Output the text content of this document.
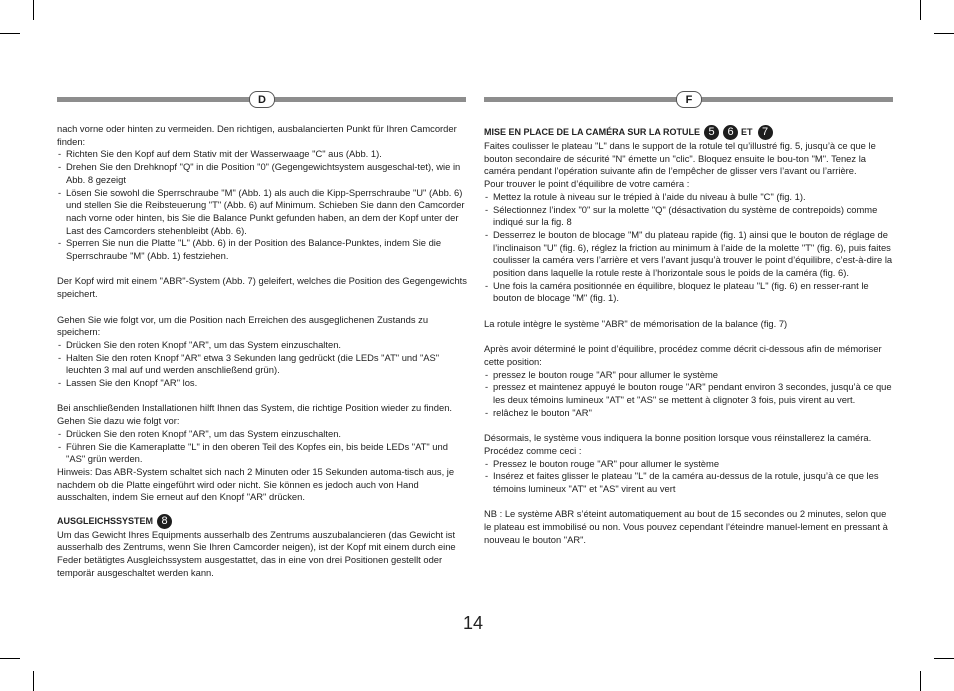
D	F

nach vorne oder hinten zu vermeiden. Den richtigen, ausbalancierten Punkt für Ihren Camcorder finden:

- Richten Sie den Kopf auf dem Stativ mit der Wasserwaage "C" aus (Abb. 1).
- Drehen Sie den Drehknopf "Q" in die Position "0" (Gegengewichtsystem ausgeschal-tet), wie in Abb. 8 gezeigt
- Lösen Sie sowohl die Sperrschraube "M" (Abb. 1) als auch die Kipp-Sperrschraube "U" (Abb. 6) und stellen Sie die Reibsteuerung "T" (Abb. 6) auf Minimum. Schieben Sie dann den Camcorder nach vorne oder hinten, bis Sie die Balance Punkt gefunden haben, an dem der Kopf unter der Last des Camcorders stehenbleibt (Abb. 6).
- Sperren Sie nun die Platte "L" (Abb. 6) in der Position des Balance-Punktes, indem Sie die Sperrschraube "M" (Abb. 1) festziehen.

Der Kopf wird mit einem "ABR"-System (Abb. 7) geleifert, welches die Position des Gegengewichts speichert.

Gehen Sie wie folgt vor, um die Position nach Erreichen des ausgeglichenen Zustands zu speichern:

- Drücken Sie den roten Knopf "AR", um das System einzuschalten.
- Halten Sie den roten Knopf "AR" etwa 3 Sekunden lang gedrückt (die LEDs "AT" und "AS" leuchten 3 mal auf und werden anschließend grün).
- Lassen Sie den Knopf "AR" los.

Bei anschließenden Installationen hilft Ihnen das System, die richtige Position wieder zu finden.

Gehen Sie dazu wie folgt vor:

- Drücken Sie den roten Knopf "AR", um das System einzuschalten.
- Führen Sie die Kameraplatte "L" in den oberen Teil des Kopfes ein, bis beide LEDs "AT" und "AS" grün werden.

Hinweis: Das ABR-System schaltet sich nach 2 Minuten oder 15 Sekunden automa-tisch aus, je nachdem ob die Platte eingeführt wird oder nicht. Sie können es jedoch auch von Hand ausschalten, indem Sie erneut auf den Knopf "AR" drücken.

AUSGLEICHSSYSTEM 8

Um das Gewicht Ihres Equipments ausserhalb des Zentrums auszubalancieren (das Gewicht ist ausserhalb des Zentrums, wenn Sie Ihren Camcorder neigen), ist der Kopf mit einem durch eine Feder betätigtes Ausgleichssystem ausgestattet, das in eine von drei Positionen gestellt oder temporär ausgeschaltet werden kann.

MISE EN PLACE DE LA CAMÉRA SUR LA ROTULE 5	6 ET 7

Faites coulisser le plateau "L" dans le support de la rotule tel qu’illustré fig. 5, jusqu’à ce que le bouton secondaire de sécurité "N" émette un "clic". Bloquez ensuite le bou-ton "M". Tenez la caméra pendant l’opération suivante afin de l’empêcher de glisser vers l’avant ou l’arrière.

Pour trouver le point d’équilibre de votre caméra :

- Mettez la rotule à niveau sur le trépied à l’aide du niveau à bulle "C" (fig. 1).
- Sélectionnez l’index "0" sur la molette "Q" (désactivation du système de contrepoids) comme indiqué sur la fig. 8
- Desserrez le bouton de blocage "M" du plateau rapide (fig. 1) ainsi que le bouton de réglage de l’inclinaison "U" (fig. 6), réglez la friction au minimum à l’aide de la molette "T" (fig. 6), puis faites coulisser la caméra vers l’arrière et vers l’avant jusqu’à trouver le point d’équilibre, c’est-à-dire la position dans laquelle la rotule reste à l’horizontale sous le poids de la caméra (fig. 6).
- Une fois la caméra positionnée en équilibre, bloquez le plateau "L" (fig. 6) en resser-rant le bouton de blocage "M" (fig. 1).

La rotule intègre le système "ABR" de mémorisation de la balance (fig. 7)

Après avoir déterminé le point d’équilibre, procédez comme décrit ci-dessous afin de mémoriser cette position:

- pressez le bouton rouge "AR" pour allumer le système
- pressez et maintenez appuyé le bouton rouge "AR" pendant environ 3 secondes, jusqu’à ce que les deux témoins lumineux "AT" et "AS" se mettent à clignoter 3 fois, puis virent au vert.
- relâchez le bouton "AR"

Désormais, le système vous indiquera la bonne position lorsque vous réinstallerez la caméra.

Procédez comme ceci :

- Pressez le bouton rouge "AR" pour allumer le système
- Insérez et faites glisser le plateau "L" de la caméra au-dessus de la rotule, jusqu’à ce que les témoins lumineux "AT" et "AS" virent au vert

NB : Le système ABR s’éteint automatiquement au bout de 15 secondes ou 2 minutes, selon que le plateau est immobilisé ou non. Vous pouvez cependant l’éteindre manuel-lement en pressant à nouveau le bouton "AR".

14
